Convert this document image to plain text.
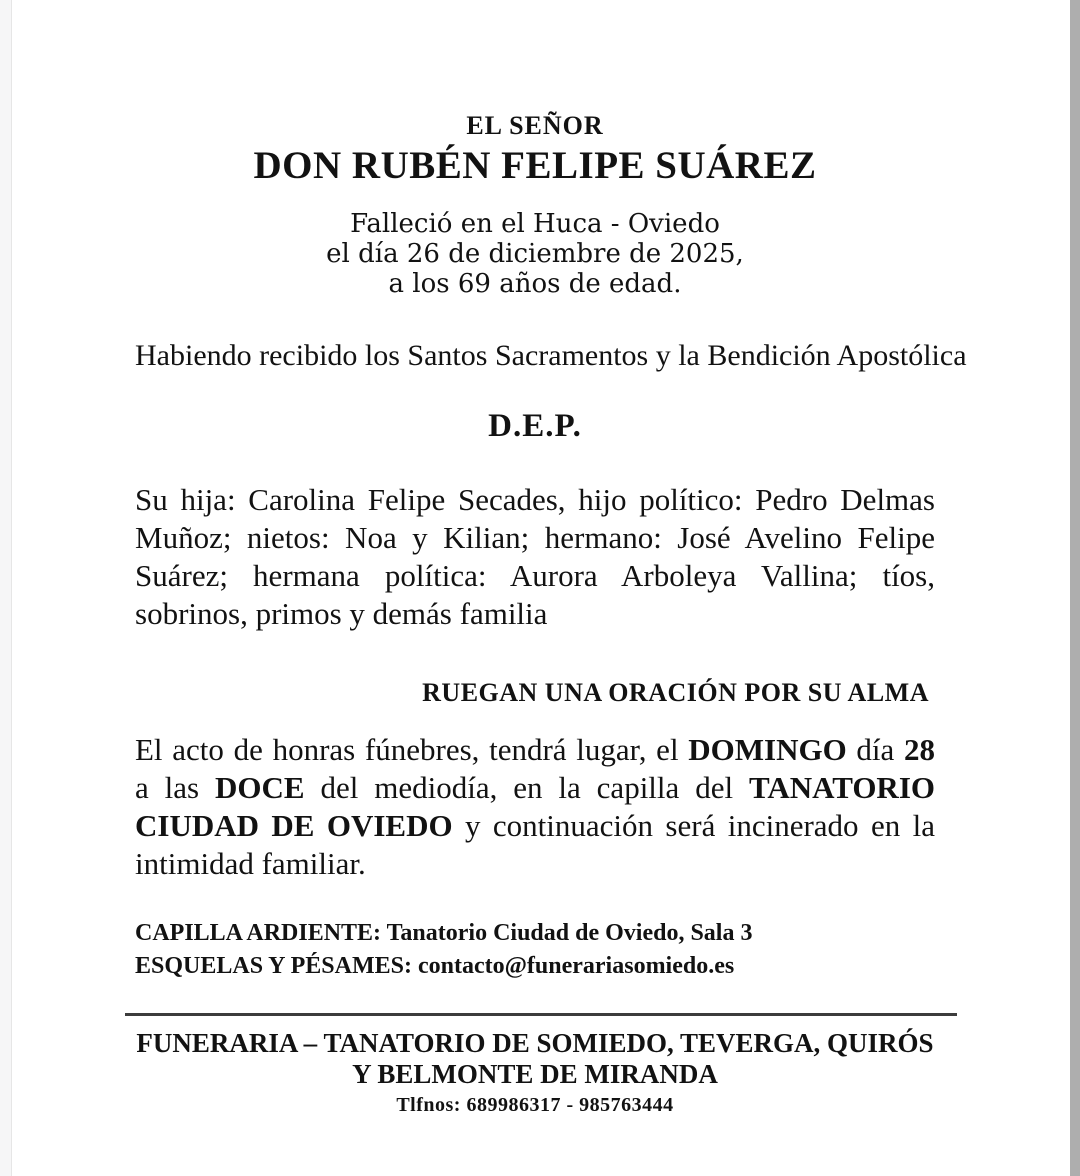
EL SEÑOR
DON RUBÉN FELIPE SUÁREZ
Falleció en el Huca - Oviedo
el día 26 de diciembre de 2025,
a los 69 años de edad.
Habiendo recibido los Santos Sacramentos y la Bendición Apostólica
D.E.P.
Su hija: Carolina Felipe Secades, hijo político: Pedro Delmas Muñoz; nietos: Noa y Kilian; hermano: José Avelino Felipe Suárez; hermana política: Aurora Arboleya Vallina; tíos, sobrinos, primos y demás familia
RUEGAN UNA ORACIÓN POR SU ALMA
El acto de honras fúnebres, tendrá lugar, el DOMINGO día 28 a las DOCE del mediodía, en la capilla del TANATORIO CIUDAD DE OVIEDO y continuación será incinerado en la intimidad familiar.
CAPILLA ARDIENTE: Tanatorio Ciudad de Oviedo, Sala 3
ESQUELAS Y PÉSAMES: contacto@funerariasomiedo.es
FUNERARIA – TANATORIO DE SOMIEDO, TEVERGA, QUIRÓS
Y BELMONTE DE MIRANDA
Tlfnos: 689986317 - 985763444
